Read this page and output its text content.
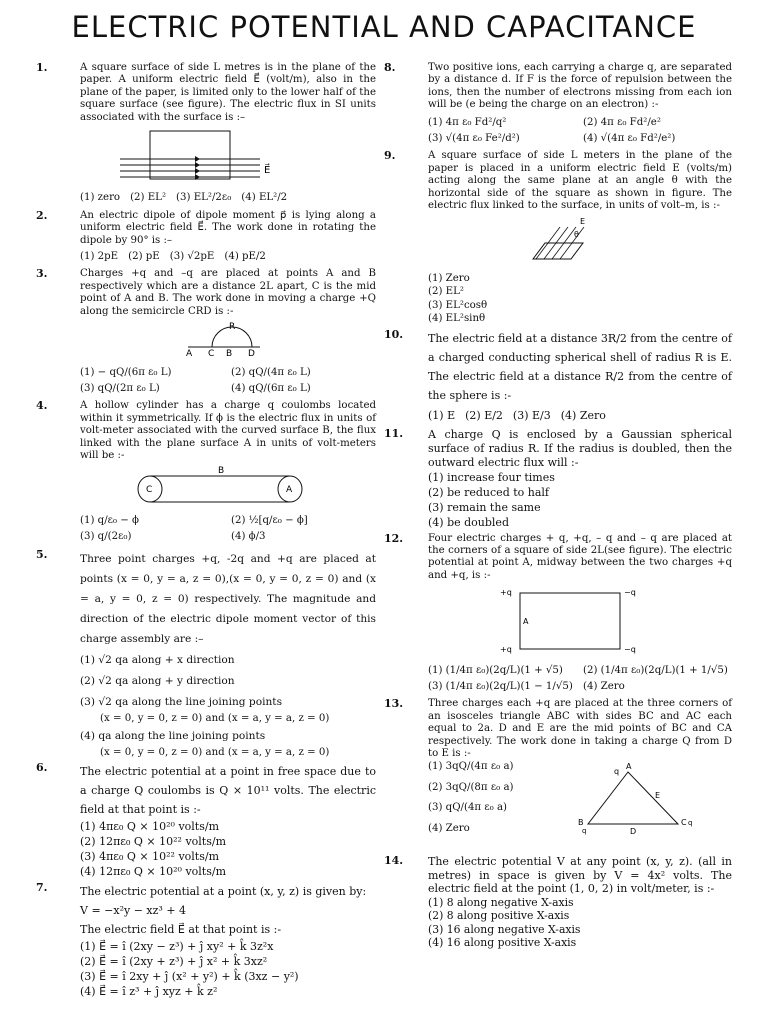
ELECTRIC POTENTIAL AND CAPACITANCE
1.	A square surface of side L metres is in the plane of the paper. A uniform electric field E⃗ (volt/m), also in the plane of the paper, is limited only to the lower half of the square surface (see figure). The electric flux in SI units associated with the surface is :–
E⃗
(1) zero (2) EL² (3) EL²/2ε₀ (4) EL²/2
2.	An electric dipole of dipole moment p⃗ is lying along a uniform electric field E⃗. The work done in rotating the dipole by 90° is :–
(1) 2pE (2) pE (3) √2pE (4) pE/2
3.	Charges +q and –q are placed at points A and B respectively which are a distance 2L apart, C is the mid point of A and B. The work done in moving a charge +Q along the semicircle CRD is :-
R
A C B D
(1) − qQ/(6π ε₀ L)	(2) qQ/(4π ε₀ L)
(3) qQ/(2π ε₀ L)	(4) qQ/(6π ε₀ L)
4.	A hollow cylinder has a charge q coulombs located within it symmetrically. If ϕ is the electric flux in units of volt-meter associated with the curved surface B, the flux linked with the plane surface A in units of volt-meters will be :-
B
C	A
(1) q/ε₀ − ϕ	(2) ½[q/ε₀ − ϕ]
(3) q/(2ε₀)	(4) ϕ/3
5.	Three point charges +q, -2q and +q are placed at points (x = 0, y = a, z = 0),(x = 0, y = 0, z = 0) and (x = a, y = 0, z = 0) respectively. The magnitude and direction of the electric dipole moment vector of this charge assembly are :–
(1) √2 qa along + x direction
(2) √2 qa along + y direction
(3) √2 qa along the line joining points
(x = 0, y = 0, z = 0) and (x = a, y = a, z = 0)
(4) qa along the line joining points
(x = 0, y = 0, z = 0) and (x = a, y = a, z = 0)
6.	The electric potential at a point in free space due to a charge Q coulombs is Q × 10¹¹ volts. The electric field at that point is :-
(1) 4πε₀ Q × 10²⁰ volts/m
(2) 12πε₀ Q × 10²² volts/m
(3) 4πε₀ Q × 10²² volts/m
(4) 12πε₀ Q × 10²⁰ volts/m
7.	The electric potential at a point (x, y, z) is given by:
V = −x²y − xz³ + 4
The electric field E⃗ at that point is :-
(1) E⃗ = î (2xy − z³) + ĵ xy² + k̂ 3z²x
(2) E⃗ = î (2xy + z³) + ĵ x² + k̂ 3xz²
(3) E⃗ = î 2xy + ĵ (x² + y²) + k̂ (3xz − y²)
(4) E⃗ = î z³ + ĵ xyz + k̂ z²
8.	Two positive ions, each carrying a charge q, are separated by a distance d. If F is the force of repulsion between the ions, then the number of electrons missing from each ion will be (e being the charge on an electron) :-
(1) 4π ε₀ Fd²/q²	(2) 4π ε₀ Fd²/e²
(3) √(4π ε₀ Fe²/d²)	(4) √(4π ε₀ Fd²/e²)
9.	A square surface of side L meters in the plane of the paper is placed in a uniform electric field E (volts/m) acting along the same plane at an angle θ with the horizontal side of the square as shown in figure. The electric flux linked to the surface, in units of volt–m, is :-
E
θ
(1) Zero
(2) EL²
(3) EL²cosθ
(4) EL²sinθ
10. The electric field at a distance 3R/2 from the centre of a charged conducting spherical shell of radius R is E. The electric field at a distance R/2 from the centre of the sphere is :-
(1) E (2) E/2 (3) E/3 (4) Zero
11. A charge Q is enclosed by a Gaussian spherical surface of radius R. If the radius is doubled, then the outward electric flux will :-
(1) increase four times
(2) be reduced to half
(3) remain the same
(4) be doubled
12. Four electric charges + q, +q, – q and – q are placed at the corners of a square of side 2L(see figure). The electric potential at point A, midway between the two charges +q and +q, is :-
+q	−q
A
+q	−q
(1) (1/4π ε₀)(2q/L)(1 + √5)	(2) (1/4π ε₀)(2q/L)(1 + 1/√5)
(3) (1/4π ε₀)(2q/L)(1 − 1/√5)	(4) Zero
13. Three charges each +q are placed at the three corners of an isosceles triangle ABC with sides BC and AC each equal to 2a. D and E are the mid points of BC and CA respectively. The work done in taking a charge Q from D to E is :-
(1) 3qQ/(4π ε₀ a)
(2) 3qQ/(8π ε₀ a)
(3) qQ/(4π ε₀ a)
(4) Zero
A
q
E
B
q	D
C q
14. The electric potential V at any point (x, y, z). (all in metres) in space is given by V = 4x² volts. The electric field at the point (1, 0, 2) in volt/meter, is :-
(1) 8 along negative X-axis
(2) 8 along positive X-axis
(3) 16 along negative X-axis
(4) 16 along positive X-axis
